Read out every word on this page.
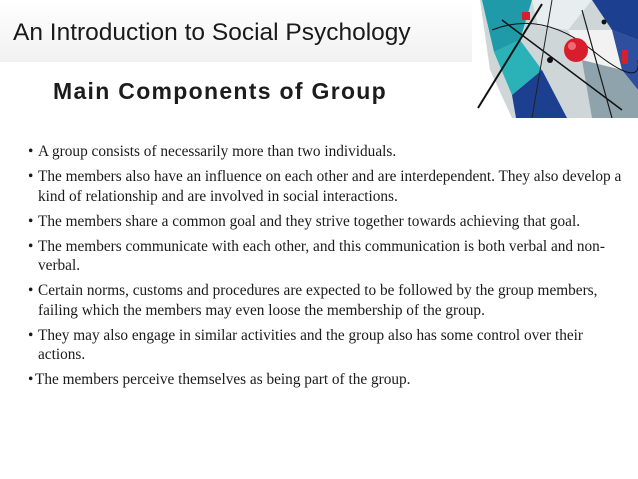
An Introduction to Social Psychology
Main Components of Group
• A group consists of necessarily more than two individuals.
• The members also have an influence on each other and are interdependent. They also develop a kind of relationship and are involved in social interactions.
• The members share a common goal and they strive together towards achieving that goal.
• The members communicate with each other, and this communication is both verbal and non-verbal.
• Certain norms, customs and procedures are expected to be followed by the group members, failing which the members may even loose the membership of the group.
• They may also engage in similar activities and the group also has some control over their actions.
• The members perceive themselves as being part of the group.
